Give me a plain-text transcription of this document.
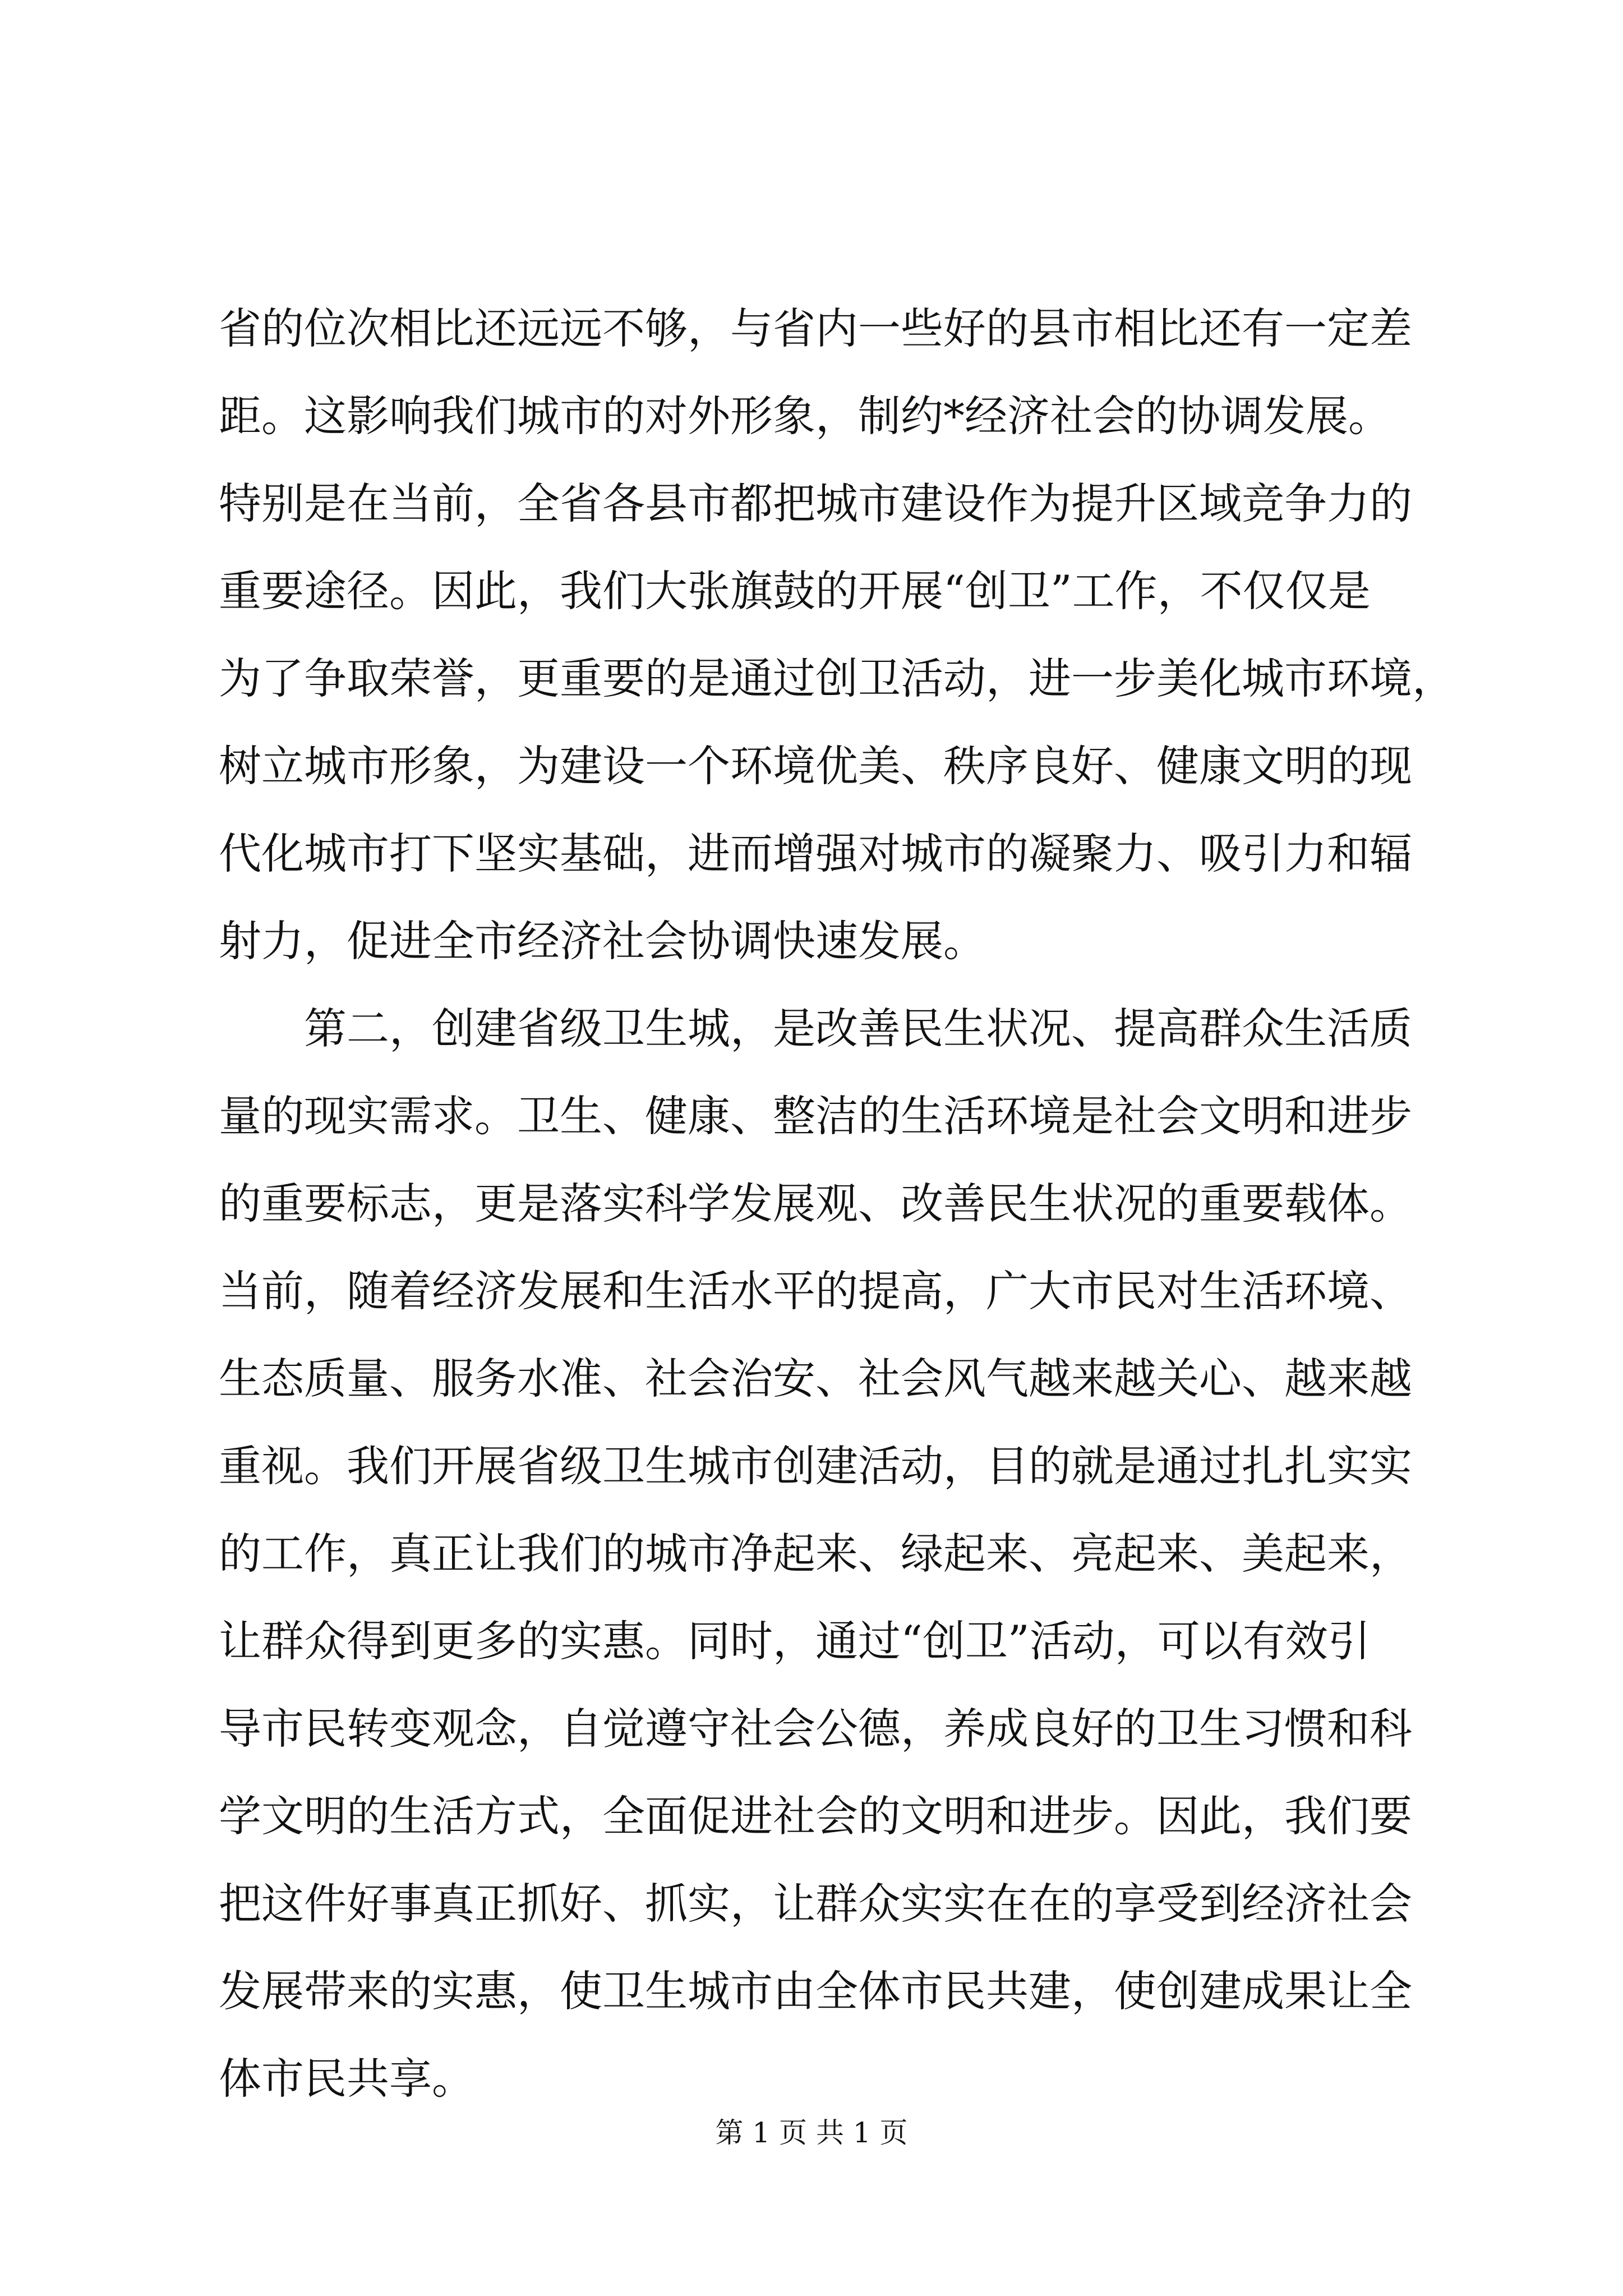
省的位次相比还远远不够，与省内一些好的县市相比还有一定差
距。这影响我们城市的对外形象，制约*经济社会的协调发展。
特别是在当前，全省各县市都把城市建设作为提升区域竞争力的
重要途径。因此，我们大张旗鼓的开展“创卫”工作，不仅仅是
为了争取荣誉，更重要的是通过创卫活动，进一步美化城市环境，
树立城市形象，为建设一个环境优美、秩序良好、健康文明的现
代化城市打下坚实基础，进而增强对城市的凝聚力、吸引力和辐
射力，促进全市经济社会协调快速发展。
第二，创建省级卫生城，是改善民生状况、提高群众生活质
量的现实需求。卫生、健康、整洁的生活环境是社会文明和进步
的重要标志，更是落实科学发展观、改善民生状况的重要载体。
当前，随着经济发展和生活水平的提高，广大市民对生活环境、
生态质量、服务水准、社会治安、社会风气越来越关心、越来越
重视。我们开展省级卫生城市创建活动，目的就是通过扎扎实实
的工作，真正让我们的城市净起来、绿起来、亮起来、美起来，
让群众得到更多的实惠。同时，通过“创卫”活动，可以有效引
导市民转变观念，自觉遵守社会公德，养成良好的卫生习惯和科
学文明的生活方式，全面促进社会的文明和进步。因此，我们要
把这件好事真正抓好、抓实，让群众实实在在的享受到经济社会
发展带来的实惠，使卫生城市由全体市民共建，使创建成果让全
体市民共享。
第 1 页 共 1 页
